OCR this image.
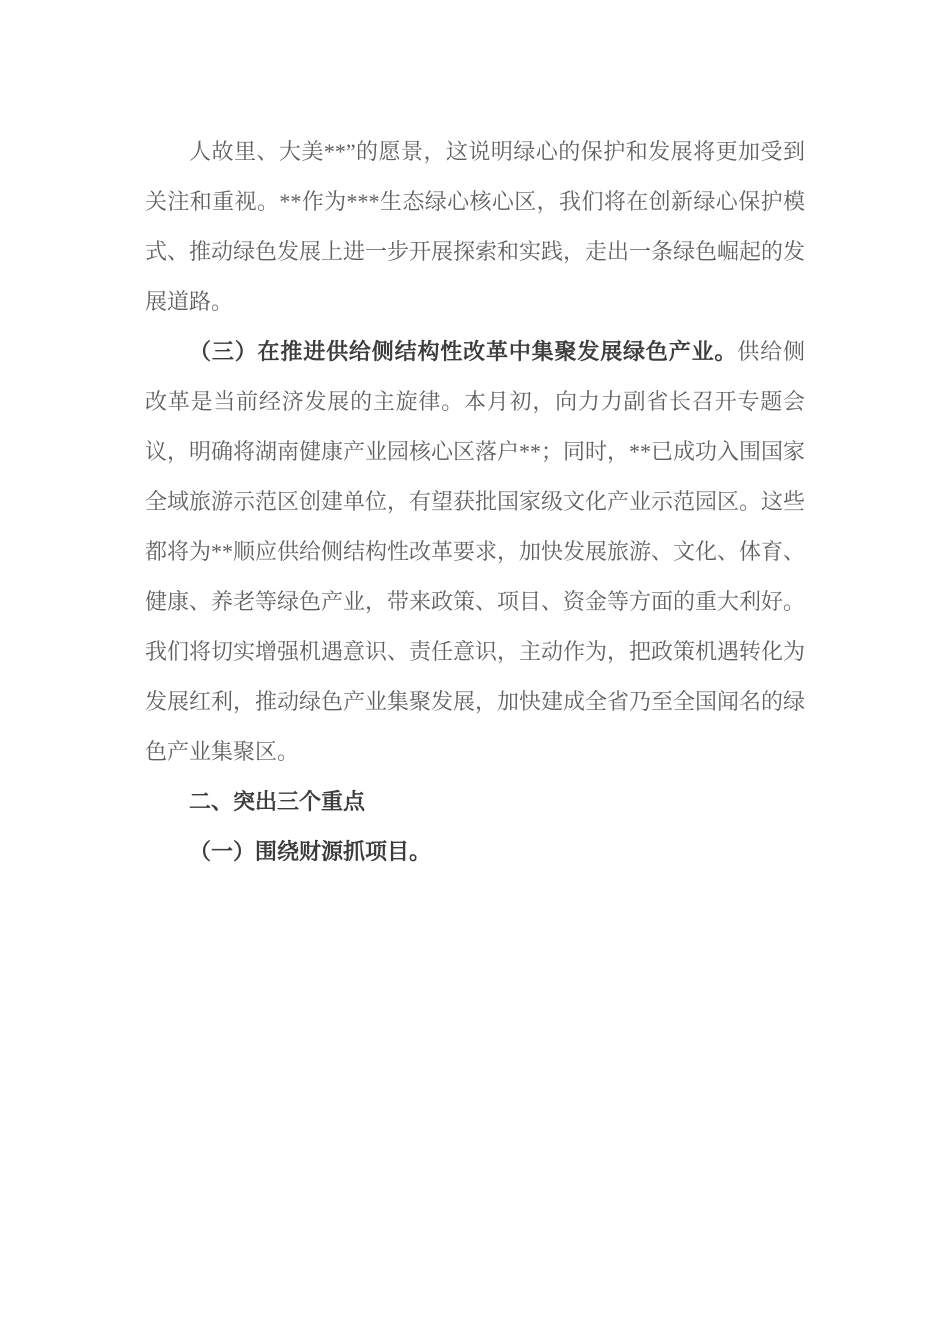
人故里、大美**”的愿景，这说明绿心的保护和发展将更加受到关注和重视。**作为***生态绿心核心区，我们将在创新绿心保护模式、推动绿色发展上进一步开展探索和实践，走出一条绿色崛起的发展道路。

（三）在推进供给侧结构性改革中集聚发展绿色产业。供给侧改革是当前经济发展的主旋律。本月初，向力力副省长召开专题会议，明确将湖南健康产业园核心区落户**；同时，**已成功入围国家全域旅游示范区创建单位，有望获批国家级文化产业示范园区。这些都将为**顺应供给侧结构性改革要求，加快发展旅游、文化、体育、健康、养老等绿色产业，带来政策、项目、资金等方面的重大利好。我们将切实增强机遇意识、责任意识，主动作为，把政策机遇转化为发展红利，推动绿色产业集聚发展，加快建成全省乃至全国闻名的绿色产业集聚区。

二、突出三个重点

（一）围绕财源抓项目。
